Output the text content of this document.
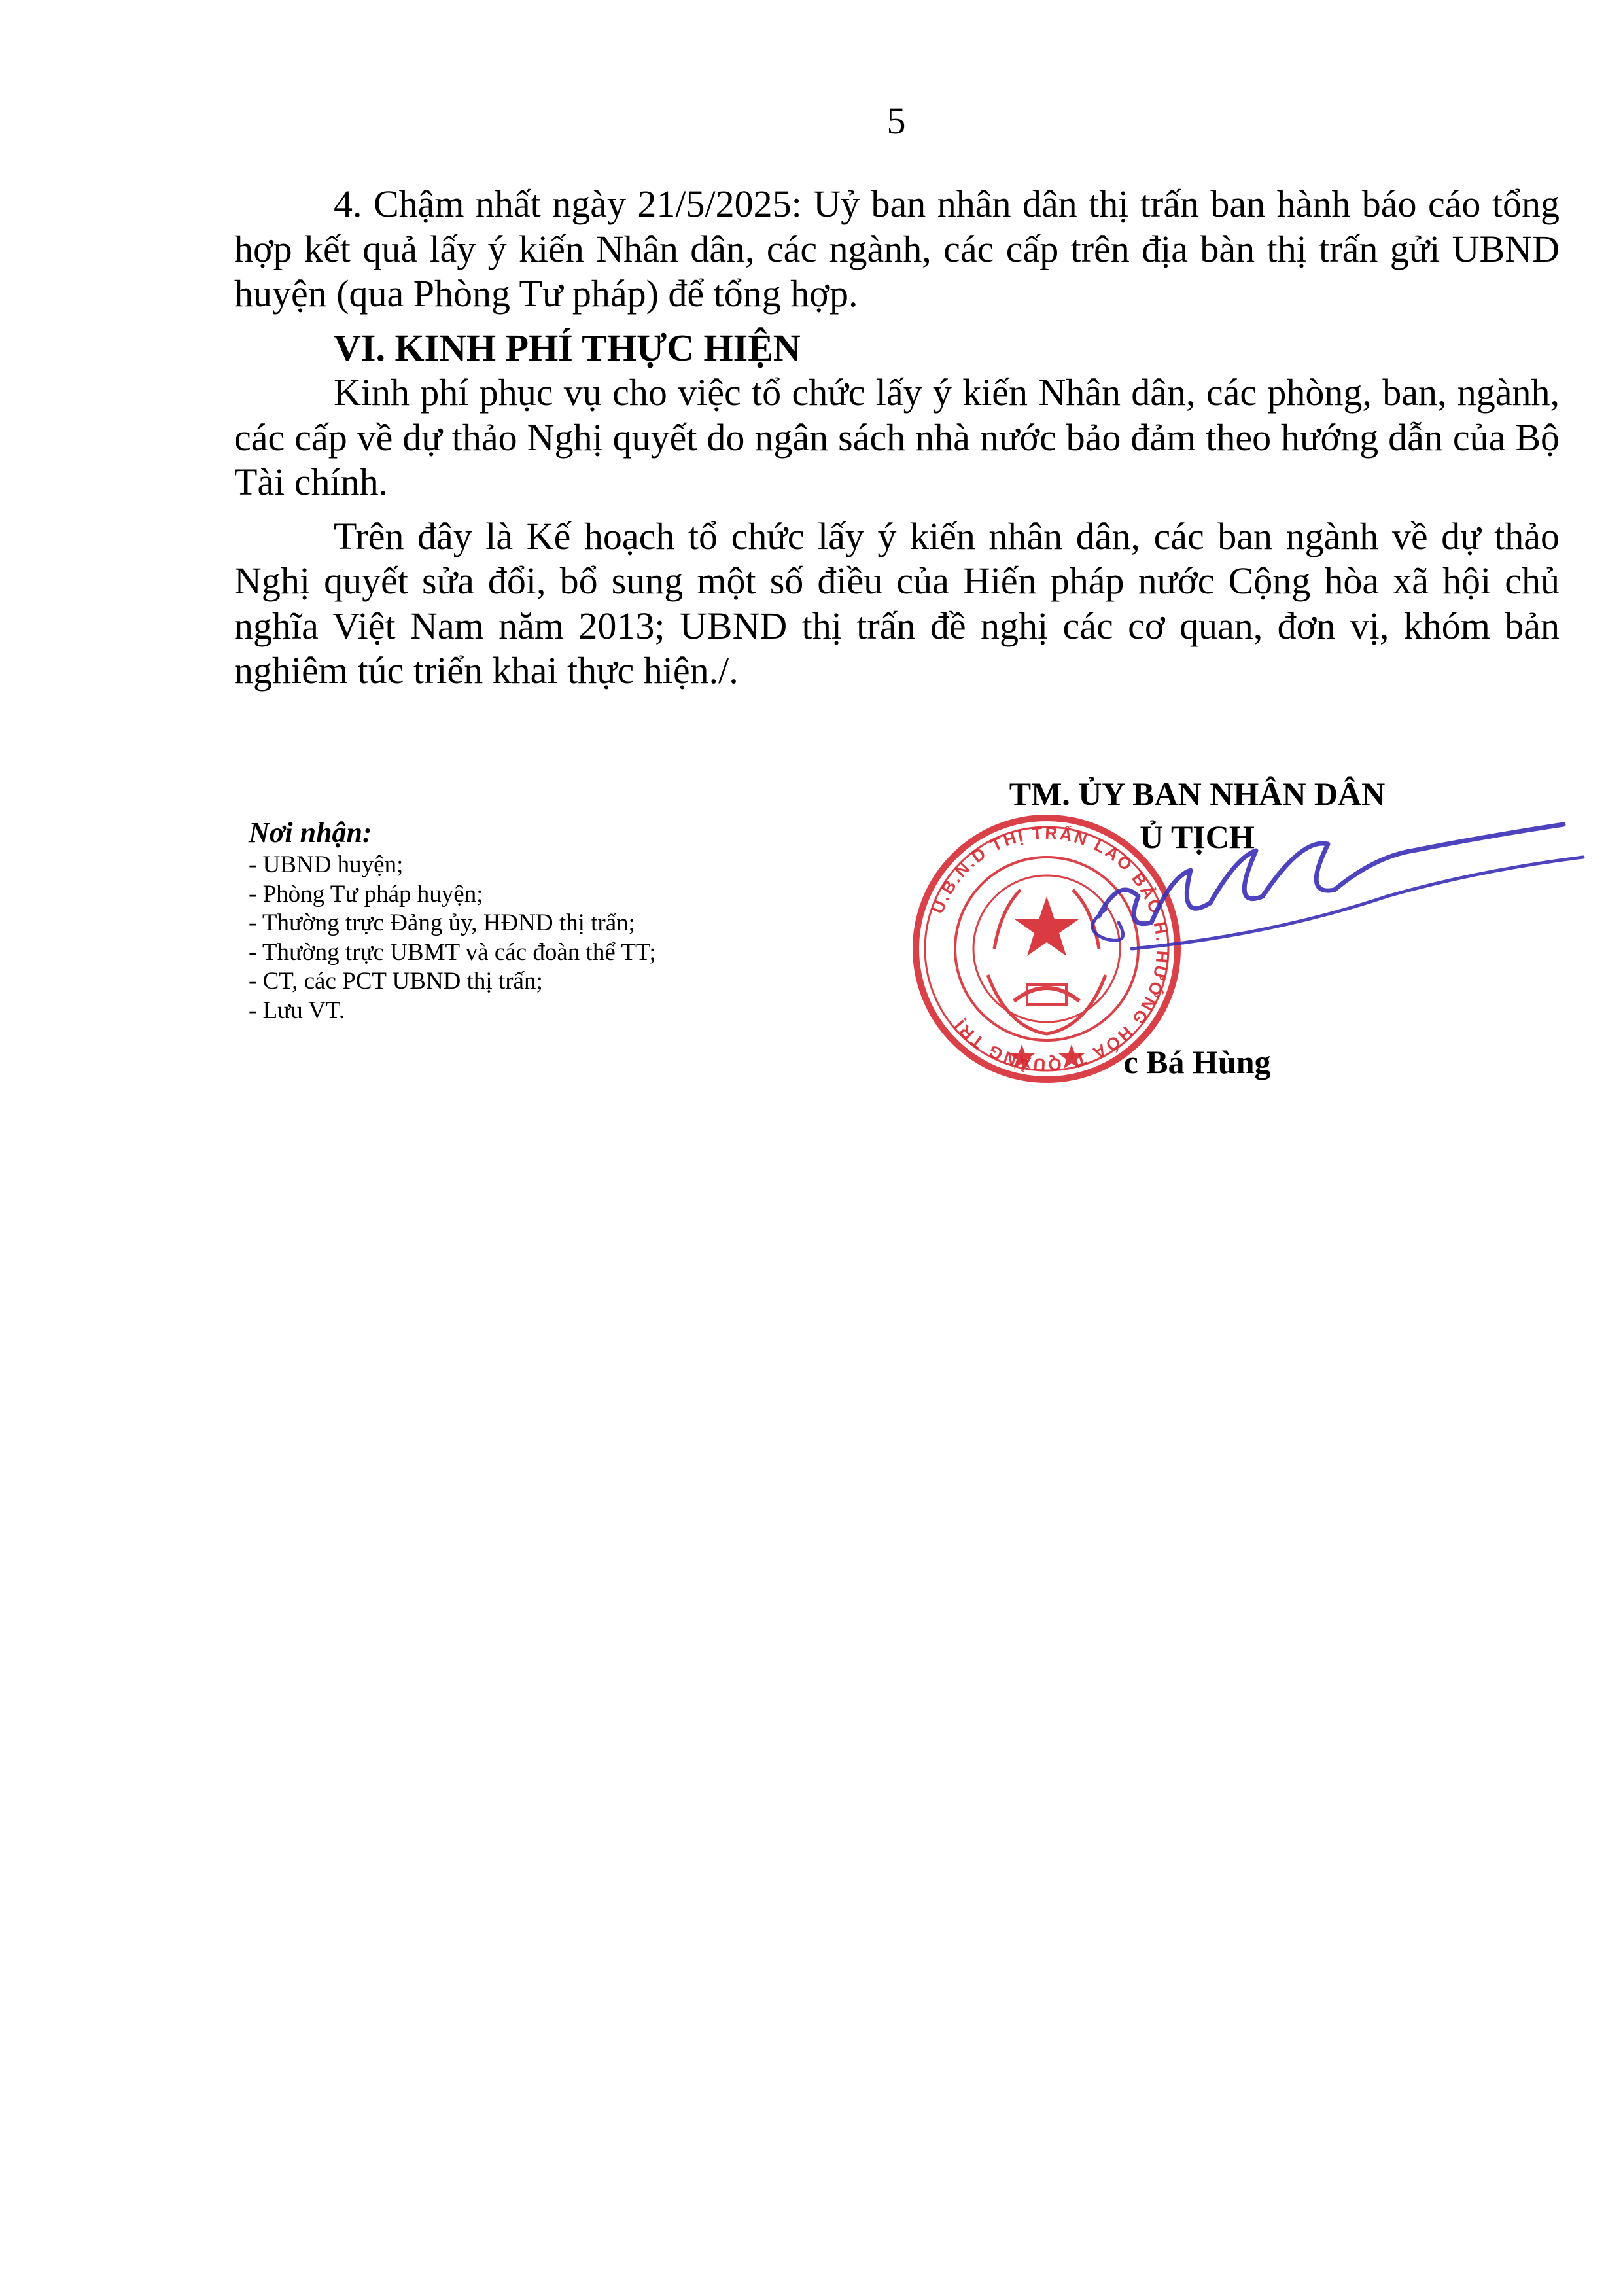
5

4. Chậm nhất ngày 21/5/2025: Uỷ ban nhân dân thị trấn ban hành báo cáo tổng hợp kết quả lấy ý kiến Nhân dân, các ngành, các cấp trên địa bàn thị trấn gửi UBND huyện (qua Phòng Tư pháp) để tổng hợp.

VI. KINH PHÍ THỰC HIỆN

Kinh phí phục vụ cho việc tổ chức lấy ý kiến Nhân dân, các phòng, ban, ngành, các cấp về dự thảo Nghị quyết do ngân sách nhà nước bảo đảm theo hướng dẫn của Bộ Tài chính.

Trên đây là Kế hoạch tổ chức lấy ý kiến nhân dân, các ban ngành về dự thảo Nghị quyết sửa đổi, bổ sung một số điều của Hiến pháp nước Cộng hòa xã hội chủ nghĩa Việt Nam năm 2013; UBND thị trấn đề nghị các cơ quan, đơn vị, khóm bản nghiêm túc triển khai thực hiện./.

Nơi nhận:
- UBND huyện;
- Phòng Tư pháp huyện;
- Thường trực Đảng ủy, HĐND thị trấn;
- Thường trực UBMT và các đoàn thể TT;
- CT, các PCT UBND thị trấn;
- Lưu VT.
TM. ỦY BAN NHÂN DÂN
Ủ TỊCH
c Bá Hùng
U.B.N.D THỊ TRẤN LAO BẢO H. HƯỚNG HÓA T. QUẢNG TRỊ
